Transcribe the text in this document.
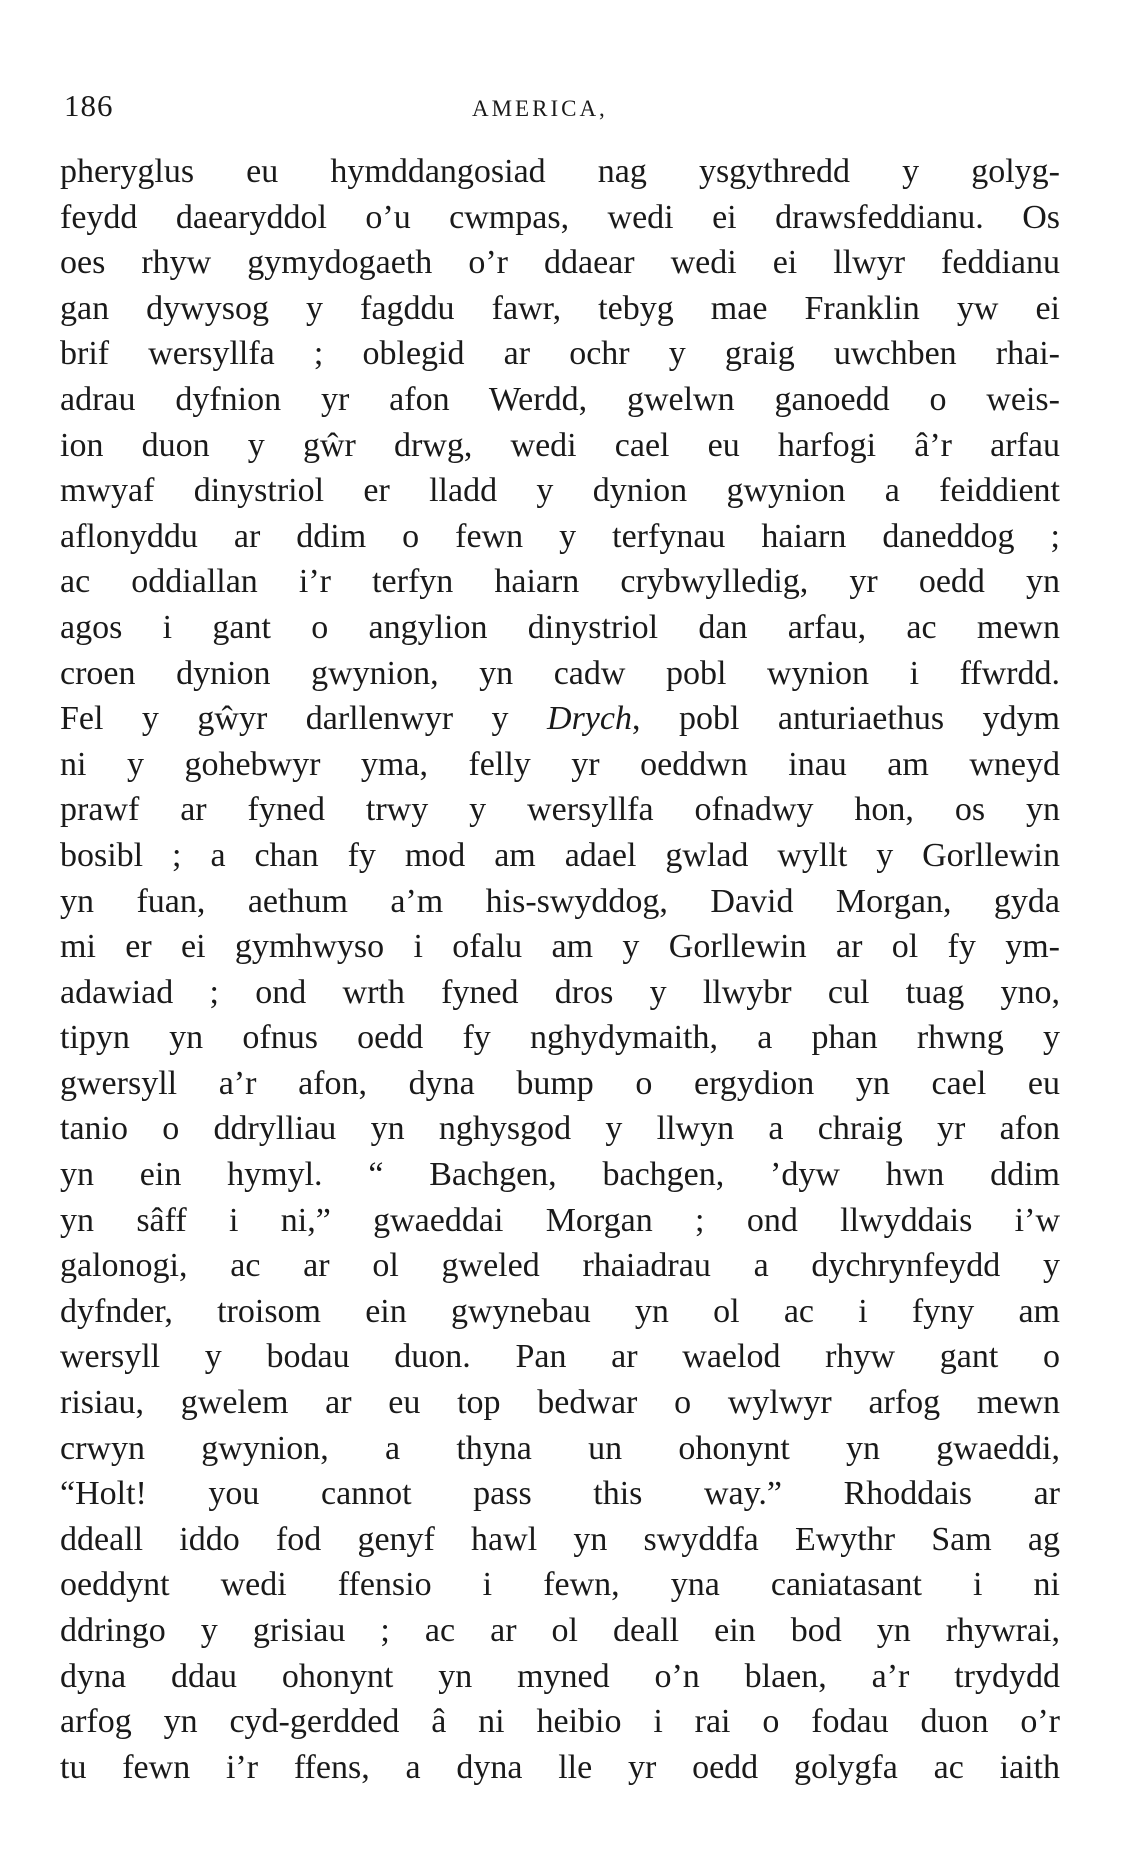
186	AMERICA,
pheryglus eu hymddangosiad nag ysgythredd y golyg-
feydd daearyddol o’u cwmpas, wedi ei drawsfeddianu. Os
oes rhyw gymydogaeth o’r ddaear wedi ei llwyr feddianu
gan dywysog y fagddu fawr, tebyg mae Franklin yw ei
brif wersyllfa ; oblegid ar ochr y graig uwchben rhai-
adrau dyfnion yr afon Werdd, gwelwn ganoedd o weis-
ion duon y gŵr drwg, wedi cael eu harfogi â’r arfau
mwyaf dinystriol er lladd y dynion gwynion a feiddient
aflonyddu ar ddim o fewn y terfynau haiarn daneddog ;
ac oddiallan i’r terfyn haiarn crybwylledig, yr oedd yn
agos i gant o angylion dinystriol dan arfau, ac mewn
croen dynion gwynion, yn cadw pobl wynion i ffwrdd.
Fel y gŵyr darllenwyr y Drych, pobl anturiaethus ydym
ni y gohebwyr yma, felly yr oeddwn inau am wneyd
prawf ar fyned trwy y wersyllfa ofnadwy hon, os yn
bosibl ; a chan fy mod am adael gwlad wyllt y Gorllewin
yn fuan, aethum a’m his-swyddog, David Morgan, gyda
mi er ei gymhwyso i ofalu am y Gorllewin ar ol fy ym-
adawiad ; ond wrth fyned dros y llwybr cul tuag yno,
tipyn yn ofnus oedd fy nghydymaith, a phan rhwng y
gwersyll a’r afon, dyna bump o ergydion yn cael eu
tanio o ddrylliau yn nghysgod y llwyn a chraig yr afon
yn ein hymyl. “ Bachgen, bachgen, ’dyw hwn ddim
yn sâff i ni,” gwaeddai Morgan ; ond llwyddais i’w
galonogi, ac ar ol gweled rhaiadrau a dychrynfeydd y
dyfnder, troisom ein gwynebau yn ol ac i fyny am
wersyll y bodau duon. Pan ar waelod rhyw gant o
risiau, gwelem ar eu top bedwar o wylwyr arfog mewn
crwyn gwynion, a thyna un ohonynt yn gwaeddi,
“Holt! you cannot pass this way.” Rhoddais ar
ddeall iddo fod genyf hawl yn swyddfa Ewythr Sam ag
oeddynt wedi ffensio i fewn, yna caniatasant i ni
ddringo y grisiau ; ac ar ol deall ein bod yn rhywrai,
dyna ddau ohonynt yn myned o’n blaen, a’r trydydd
arfog yn cyd-gerdded â ni heibio i rai o fodau duon o’r
tu fewn i’r ffens, a dyna lle yr oedd golygfa ac iaith
